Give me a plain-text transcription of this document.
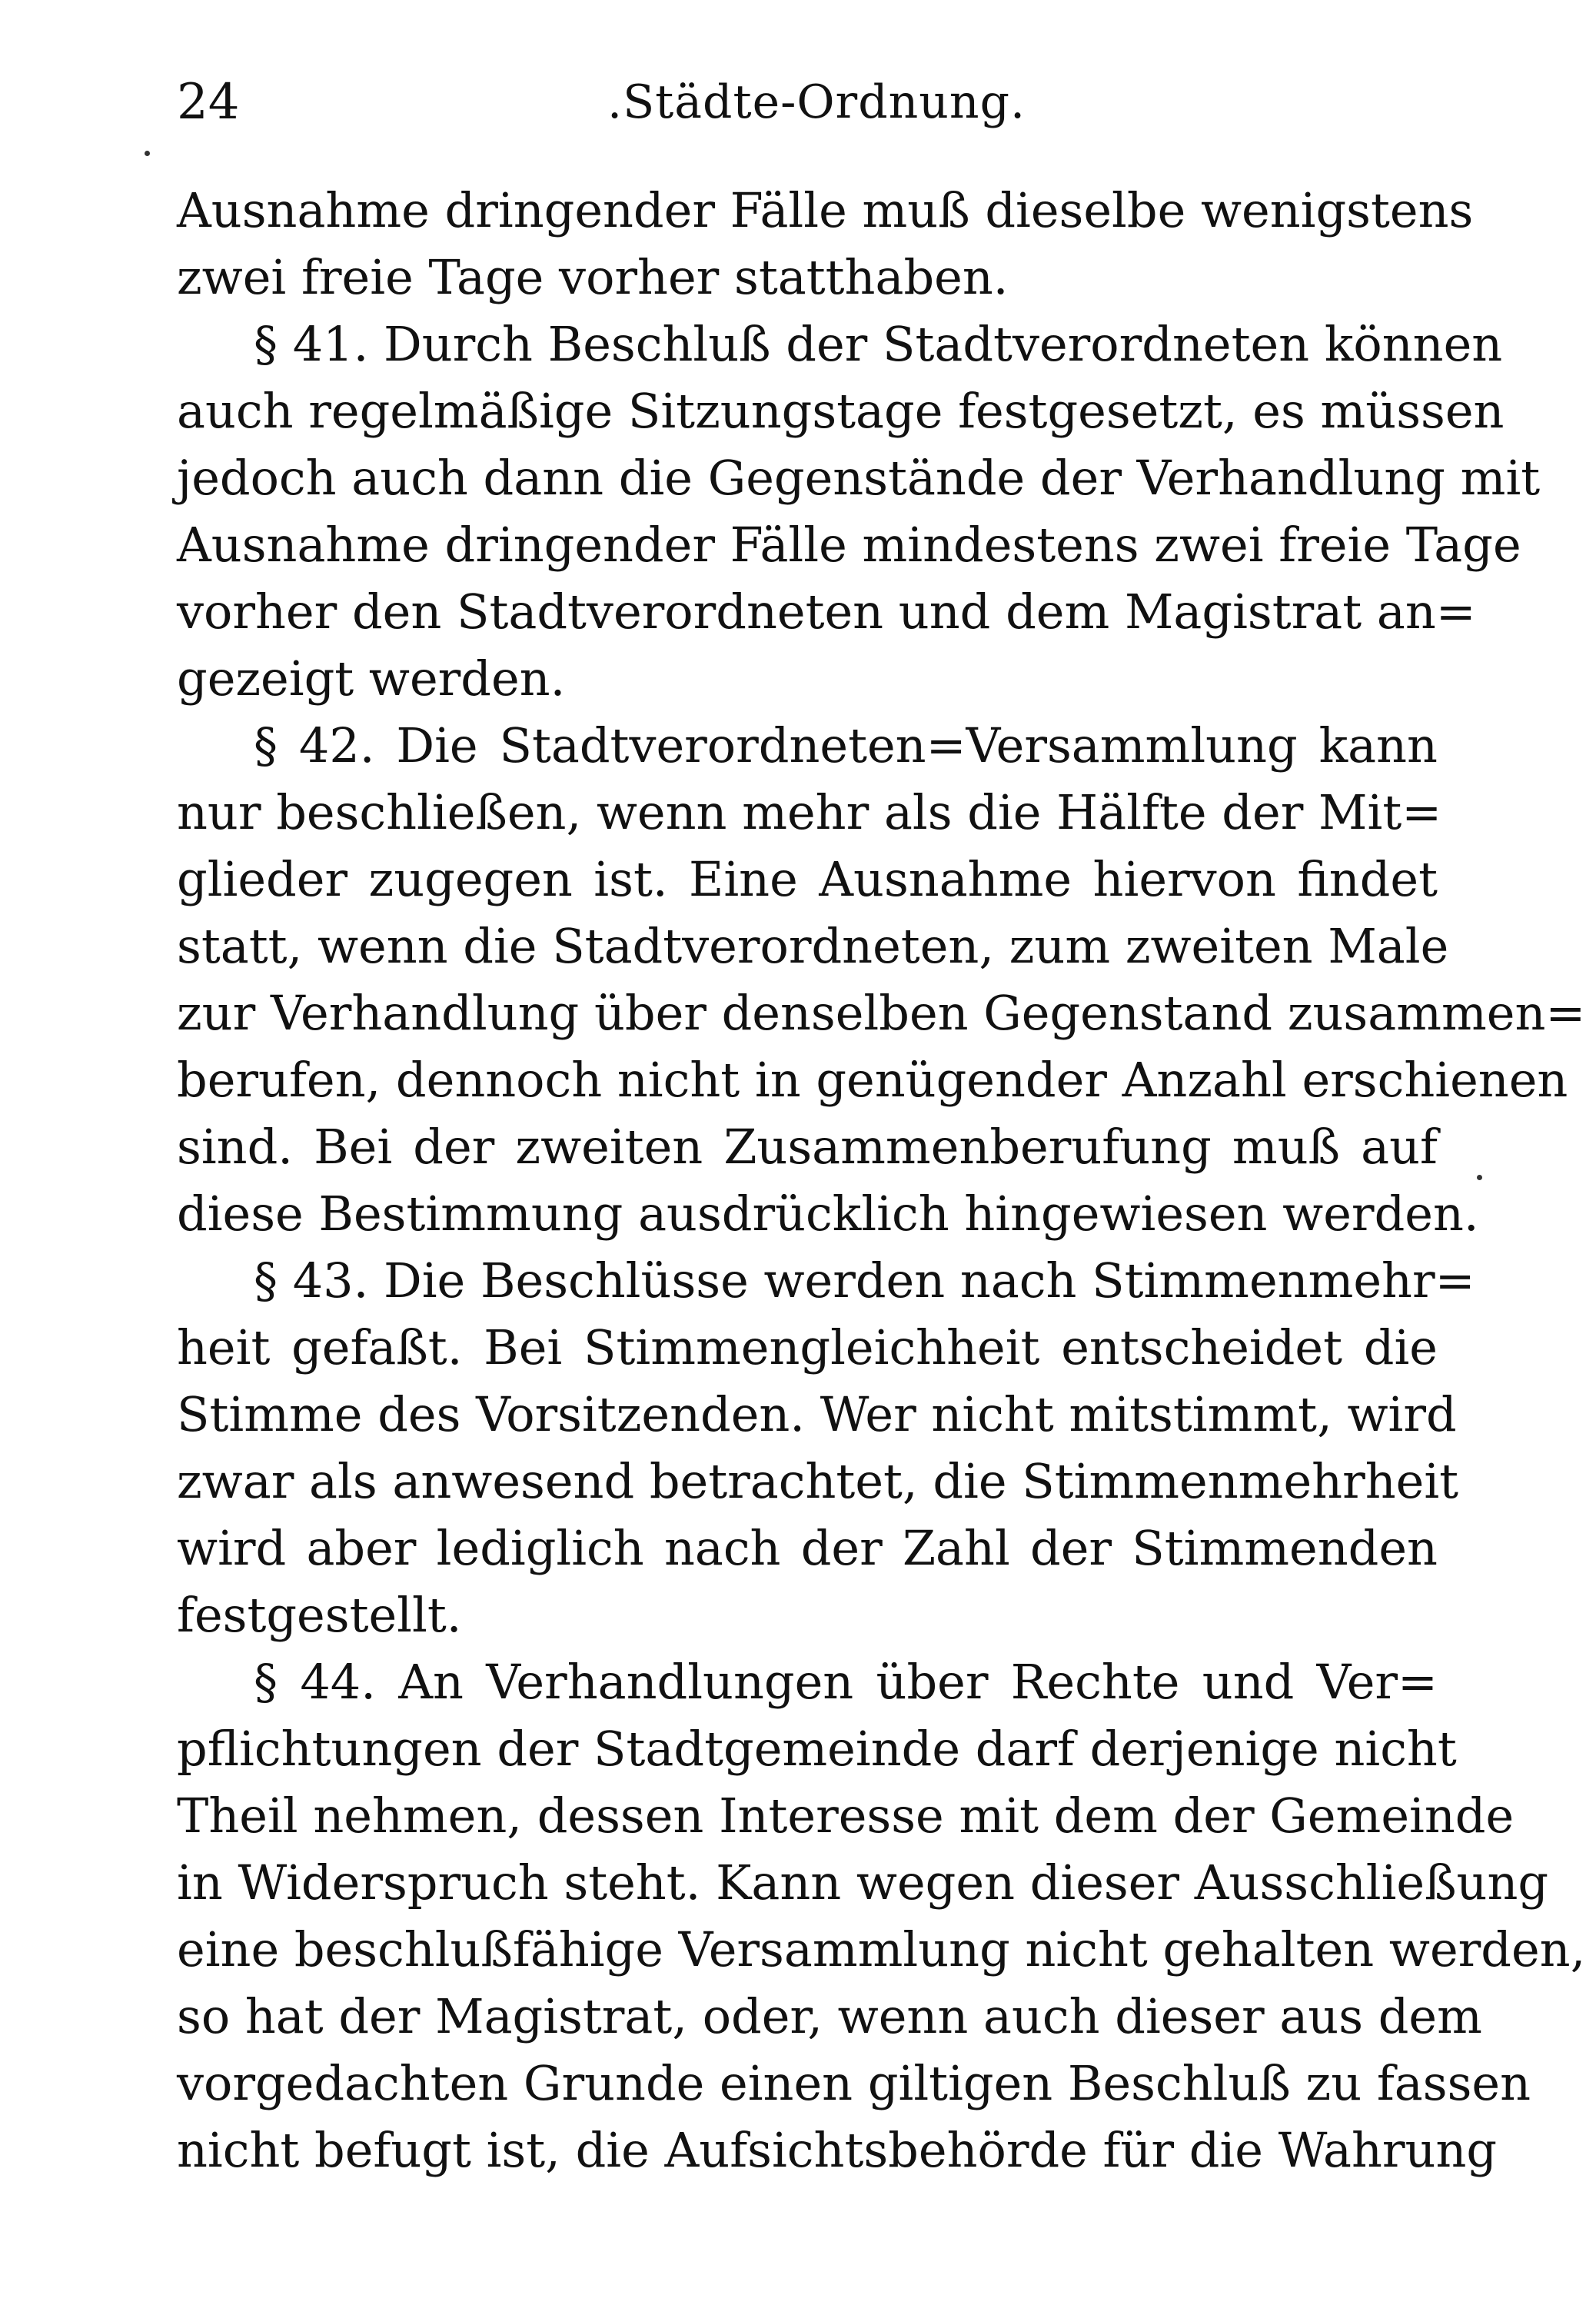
24	.Städte-Ordnung.
Ausnahme dringender Fälle muß dieselbe wenigstens
zwei freie Tage vorher statthaben.
§ 41. Durch Beschluß der Stadtverordneten können
auch regelmäßige Sitzungstage festgesetzt, es müssen
jedoch auch dann die Gegenstände der Verhandlung mit
Ausnahme dringender Fälle mindestens zwei freie Tage
vorher den Stadtverordneten und dem Magistrat an=
gezeigt werden.
§ 42. Die Stadtverordneten=Versammlung kann
nur beschließen, wenn mehr als die Hälfte der Mit=
glieder zugegen ist. Eine Ausnahme hiervon findet
statt, wenn die Stadtverordneten, zum zweiten Male
zur Verhandlung über denselben Gegenstand zusammen=
berufen, dennoch nicht in genügender Anzahl erschienen
sind. Bei der zweiten Zusammenberufung muß auf
diese Bestimmung ausdrücklich hingewiesen werden.
§ 43. Die Beschlüsse werden nach Stimmenmehr=
heit gefaßt. Bei Stimmengleichheit entscheidet die
Stimme des Vorsitzenden. Wer nicht mitstimmt, wird
zwar als anwesend betrachtet, die Stimmenmehrheit
wird aber lediglich nach der Zahl der Stimmenden
festgestellt.
§ 44. An Verhandlungen über Rechte und Ver=
pflichtungen der Stadtgemeinde darf derjenige nicht
Theil nehmen, dessen Interesse mit dem der Gemeinde
in Widerspruch steht. Kann wegen dieser Ausschließung
eine beschlußfähige Versammlung nicht gehalten werden,
so hat der Magistrat, oder, wenn auch dieser aus dem
vorgedachten Grunde einen giltigen Beschluß zu fassen
nicht befugt ist, die Aufsichtsbehörde für die Wahrung
